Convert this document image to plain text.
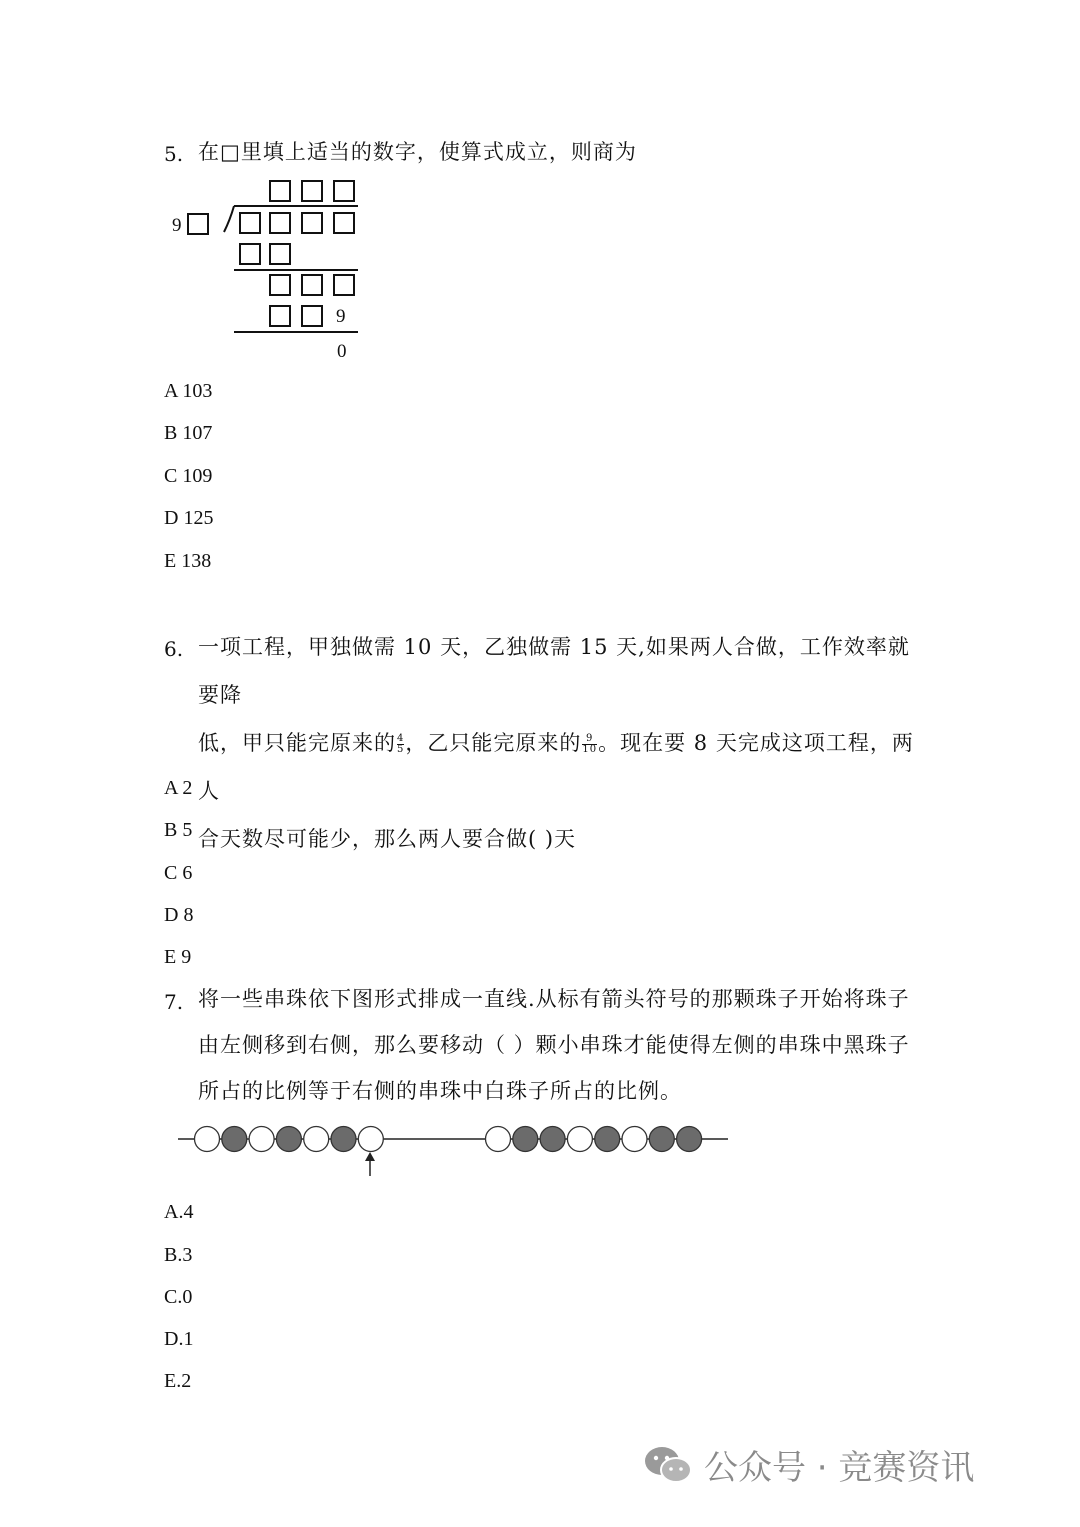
5. 在□里填上适当的数字，使算式成立，则商为
9
9
0
A 103
B 107
C 109
D 125
E 138
6. 一项工程，甲独做需 10 天，乙独做需 15 天,如果两人合做，工作效率就要降
低，甲只能完原来的 $\frac{4}{5}$ ，乙只能完原来的 $\frac{9}{10}$ 。现在要 8 天完成这项工程，两人
合天数尽可能少，那么两人要合做( )天
A 2
B 5
C 6
D 8
E 9
7. 将一些串珠依下图形式排成一直线.从标有箭头符号的那颗珠子开始将珠子
由左侧移到右侧，那么要移动（ ）颗小串珠才能使得左侧的串珠中黑珠子
所占的比例等于右侧的串珠中白珠子所占的比例。
A.4
B.3
C.0
D.1
E.2
公众号 · 竞赛资讯
